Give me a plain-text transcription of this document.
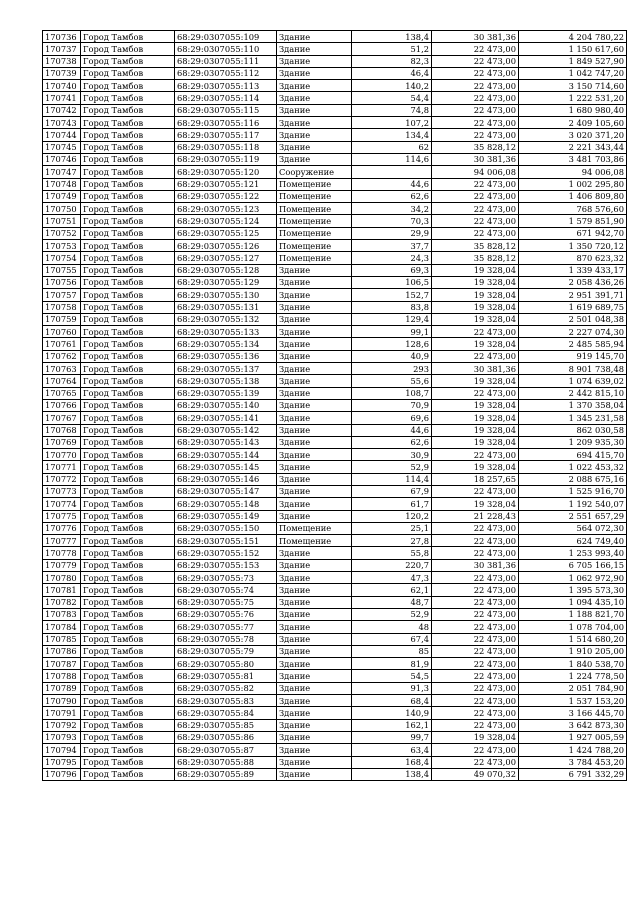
170736	Город Тамбов	68:29:0307055:109	Здание	138,4	30 381,36	4 204 780,22
170737	Город Тамбов	68:29:0307055:110	Здание	51,2	22 473,00	1 150 617,60
170738	Город Тамбов	68:29:0307055:111	Здание	82,3	22 473,00	1 849 527,90
170739	Город Тамбов	68:29:0307055:112	Здание	46,4	22 473,00	1 042 747,20
170740	Город Тамбов	68:29:0307055:113	Здание	140,2	22 473,00	3 150 714,60
170741	Город Тамбов	68:29:0307055:114	Здание	54,4	22 473,00	1 222 531,20
170742	Город Тамбов	68:29:0307055:115	Здание	74,8	22 473,00	1 680 980,40
170743	Город Тамбов	68:29:0307055:116	Здание	107,2	22 473,00	2 409 105,60
170744	Город Тамбов	68:29:0307055:117	Здание	134,4	22 473,00	3 020 371,20
170745	Город Тамбов	68:29:0307055:118	Здание	62	35 828,12	2 221 343,44
170746	Город Тамбов	68:29:0307055:119	Здание	114,6	30 381,36	3 481 703,86
170747	Город Тамбов	68:29:0307055:120	Сооружение		94 006,08	94 006,08
170748	Город Тамбов	68:29:0307055:121	Помещение	44,6	22 473,00	1 002 295,80
170749	Город Тамбов	68:29:0307055:122	Помещение	62,6	22 473,00	1 406 809,80
170750	Город Тамбов	68:29:0307055:123	Помещение	34,2	22 473,00	768 576,60
170751	Город Тамбов	68:29:0307055:124	Помещение	70,3	22 473,00	1 579 851,90
170752	Город Тамбов	68:29:0307055:125	Помещение	29,9	22 473,00	671 942,70
170753	Город Тамбов	68:29:0307055:126	Помещение	37,7	35 828,12	1 350 720,12
170754	Город Тамбов	68:29:0307055:127	Помещение	24,3	35 828,12	870 623,32
170755	Город Тамбов	68:29:0307055:128	Здание	69,3	19 328,04	1 339 433,17
170756	Город Тамбов	68:29:0307055:129	Здание	106,5	19 328,04	2 058 436,26
170757	Город Тамбов	68:29:0307055:130	Здание	152,7	19 328,04	2 951 391,71
170758	Город Тамбов	68:29:0307055:131	Здание	83,8	19 328,04	1 619 689,75
170759	Город Тамбов	68:29:0307055:132	Здание	129,4	19 328,04	2 501 048,38
170760	Город Тамбов	68:29:0307055:133	Здание	99,1	22 473,00	2 227 074,30
170761	Город Тамбов	68:29:0307055:134	Здание	128,6	19 328,04	2 485 585,94
170762	Город Тамбов	68:29:0307055:136	Здание	40,9	22 473,00	919 145,70
170763	Город Тамбов	68:29:0307055:137	Здание	293	30 381,36	8 901 738,48
170764	Город Тамбов	68:29:0307055:138	Здание	55,6	19 328,04	1 074 639,02
170765	Город Тамбов	68:29:0307055:139	Здание	108,7	22 473,00	2 442 815,10
170766	Город Тамбов	68:29:0307055:140	Здание	70,9	19 328,04	1 370 358,04
170767	Город Тамбов	68:29:0307055:141	Здание	69,6	19 328,04	1 345 231,58
170768	Город Тамбов	68:29:0307055:142	Здание	44,6	19 328,04	862 030,58
170769	Город Тамбов	68:29:0307055:143	Здание	62,6	19 328,04	1 209 935,30
170770	Город Тамбов	68:29:0307055:144	Здание	30,9	22 473,00	694 415,70
170771	Город Тамбов	68:29:0307055:145	Здание	52,9	19 328,04	1 022 453,32
170772	Город Тамбов	68:29:0307055:146	Здание	114,4	18 257,65	2 088 675,16
170773	Город Тамбов	68:29:0307055:147	Здание	67,9	22 473,00	1 525 916,70
170774	Город Тамбов	68:29:0307055:148	Здание	61,7	19 328,04	1 192 540,07
170775	Город Тамбов	68:29:0307055:149	Здание	120,2	21 228,43	2 551 657,29
170776	Город Тамбов	68:29:0307055:150	Помещение	25,1	22 473,00	564 072,30
170777	Город Тамбов	68:29:0307055:151	Помещение	27,8	22 473,00	624 749,40
170778	Город Тамбов	68:29:0307055:152	Здание	55,8	22 473,00	1 253 993,40
170779	Город Тамбов	68:29:0307055:153	Здание	220,7	30 381,36	6 705 166,15
170780	Город Тамбов	68:29:0307055:73	Здание	47,3	22 473,00	1 062 972,90
170781	Город Тамбов	68:29:0307055:74	Здание	62,1	22 473,00	1 395 573,30
170782	Город Тамбов	68:29:0307055:75	Здание	48,7	22 473,00	1 094 435,10
170783	Город Тамбов	68:29:0307055:76	Здание	52,9	22 473,00	1 188 821,70
170784	Город Тамбов	68:29:0307055:77	Здание	48	22 473,00	1 078 704,00
170785	Город Тамбов	68:29:0307055:78	Здание	67,4	22 473,00	1 514 680,20
170786	Город Тамбов	68:29:0307055:79	Здание	85	22 473,00	1 910 205,00
170787	Город Тамбов	68:29:0307055:80	Здание	81,9	22 473,00	1 840 538,70
170788	Город Тамбов	68:29:0307055:81	Здание	54,5	22 473,00	1 224 778,50
170789	Город Тамбов	68:29:0307055:82	Здание	91,3	22 473,00	2 051 784,90
170790	Город Тамбов	68:29:0307055:83	Здание	68,4	22 473,00	1 537 153,20
170791	Город Тамбов	68:29:0307055:84	Здание	140,9	22 473,00	3 166 445,70
170792	Город Тамбов	68:29:0307055:85	Здание	162,1	22 473,00	3 642 873,30
170793	Город Тамбов	68:29:0307055:86	Здание	99,7	19 328,04	1 927 005,59
170794	Город Тамбов	68:29:0307055:87	Здание	63,4	22 473,00	1 424 788,20
170795	Город Тамбов	68:29:0307055:88	Здание	168,4	22 473,00	3 784 453,20
170796	Город Тамбов	68:29:0307055:89	Здание	138,4	49 070,32	6 791 332,29
